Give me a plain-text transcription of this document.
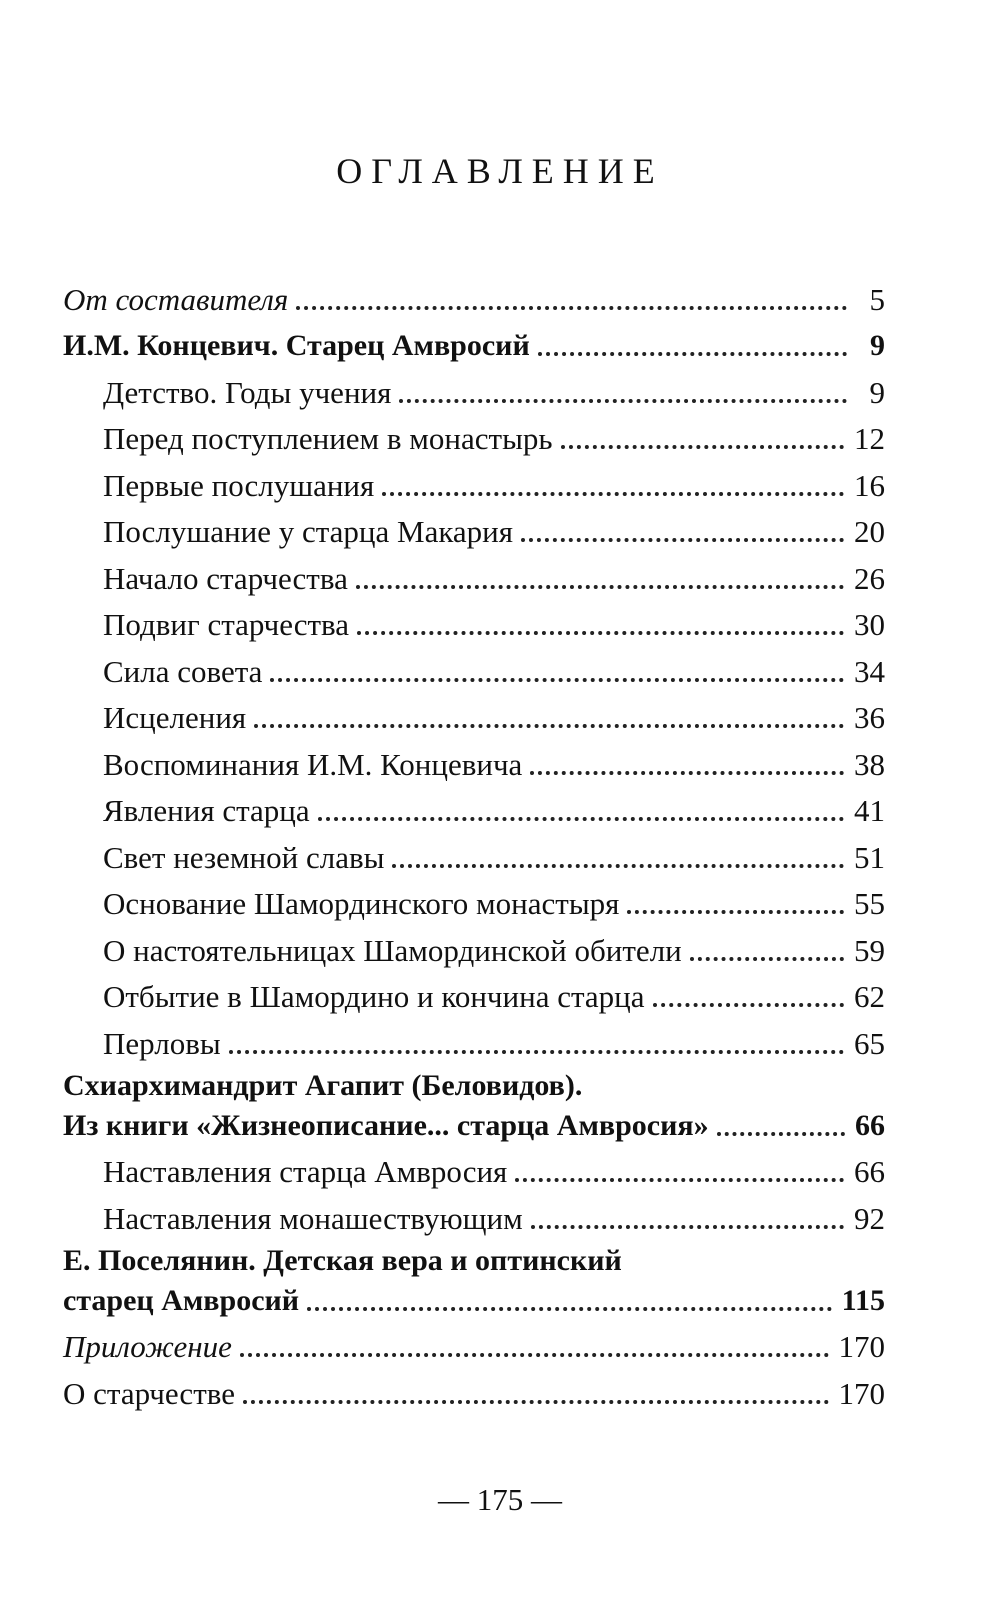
ОГЛАВЛЕНИЕ
От составителя	5
И.М. Концевич. Старец Амвросий	9
Детство. Годы учения	9
Перед поступлением в монастырь	12
Первые послушания	16
Послушание у старца Макария	20
Начало старчества	26
Подвиг старчества	30
Сила совета	34
Исцеления	36
Воспоминания И.М. Концевича	38
Явления старца	41
Свет неземной славы	51
Основание Шамординского монастыря	55
О настоятельницах Шамординской обители	59
Отбытие в Шамордино и кончина старца	62
Перловы	65
Схиархимандрит Агапит (Беловидов).
Из книги «Жизнеописание... старца Амвросия»	66
Наставления старца Амвросия	66
Наставления монашествующим	92
Е. Поселянин. Детская вера и оптинский
старец Амвросий	115
Приложение	170
О старчестве	170
— 175 —
